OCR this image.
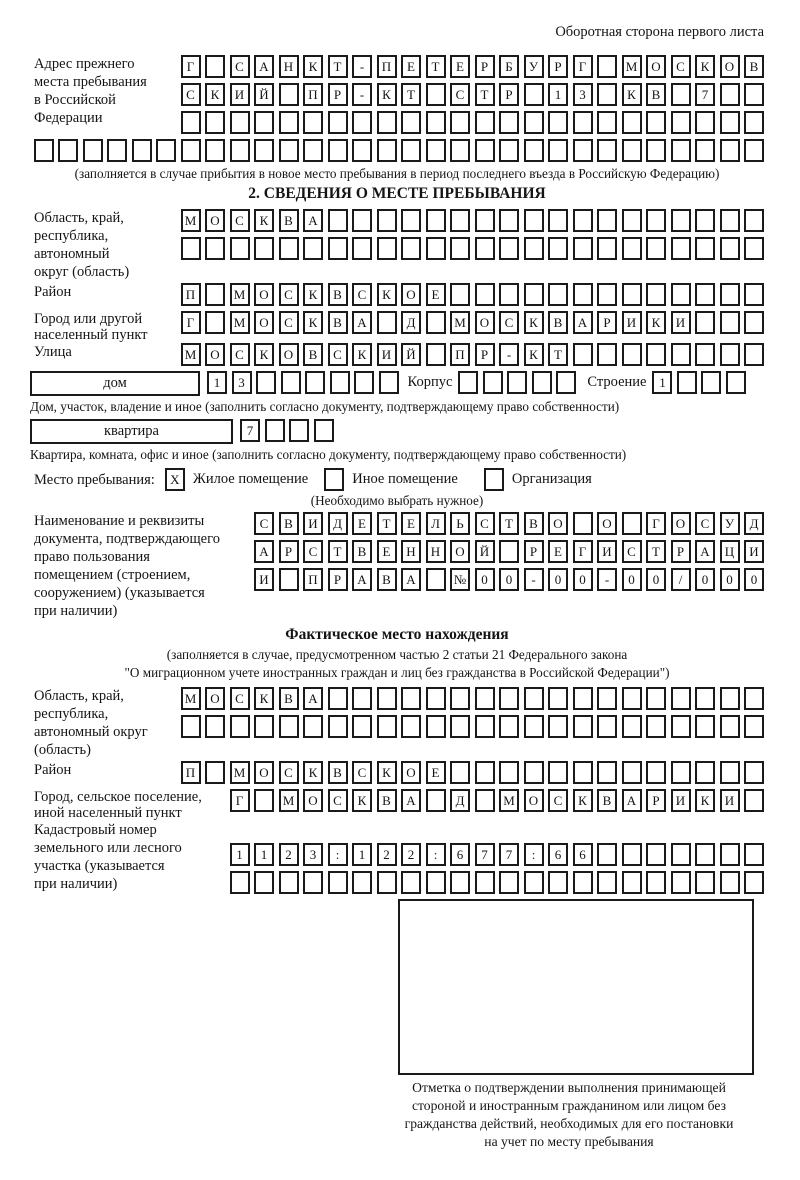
Оборотная сторона первого листа
Адрес прежнего
места пребывания
в Российской
Федерации
Г	С	А	Н	К	Т	-	П	Е	Т	Е	Р	Б	У	Р	Г	М	О	С	К	О	В
С	К	И	Й	П	Р	-	К	Т	С	Т	Р	1	3	К	В	7
(заполняется в случае прибытия в новое место пребывания в период последнего въезда в Российскую Федерацию)
2. СВЕДЕНИЯ О МЕСТЕ ПРЕБЫВАНИЯ
Область, край,
республика,
автономный
округ (область)
М	О	С	К	В	А
Район	П	М	О	С	К	В	С	К	О	Е
Город или другой
населенный пункт
Г	М	О	С	К	В	А	Д	М	О	С	К	В	А	Р	И	К	И
Улица	М	О	С	К	О	В	С	К	И	Й	П	Р	-	К	Т
дом	1	3	Корпус	Строение 1
Дом, участок, владение и иное (заполнить согласно документу, подтверждающему право собственности)
квартира	7
Квартира, комната, офис и иное (заполнить согласно документу, подтверждающему право собственности)
Место пребывания:	X Жилое помещение	Иное помещение	Организация
(Необходимо выбрать нужное)
Наименование и реквизиты
документа, подтверждающего
право пользования
помещением (строением,
сооружением) (указывается
при наличии)
С	В	И	Д	Е	Т	Е	Л	Ь	С	Т	В	О	О	Г	О	С	У	Д
А	Р	С	Т	В	Е	Н	Н	О	Й	Р	Е	Г	И	С	Т	Р	А	Ц	И
И	П	Р	А	В	А	№	0	0	-	0	0	-	0	0	/	0	0	0
Фактическое место нахождения
(заполняется в случае, предусмотренном частью 2 статьи 21 Федерального закона
"О миграционном учете иностранных граждан и лиц без гражданства в Российской Федерации")
Область, край,
республика,
автономный округ
(область)
М	О	С	К	В	А
Район	П	М	О	С	К	В	С	К	О	Е
Город, сельское поселение,
иной населенный пункт
Г	М	О	С	К	В	А	Д	М	О	С	К	В	А	Р	И	К	И
Кадастровый номер
земельного или лесного
участка (указывается
при наличии)
1	1	2	3	:	1	2	2	:	6	7	7	:	6	6
Отметка о подтверждении выполнения принимающей
стороной и иностранным гражданином или лицом без
гражданства действий, необходимых для его постановки
на учет по месту пребывания
